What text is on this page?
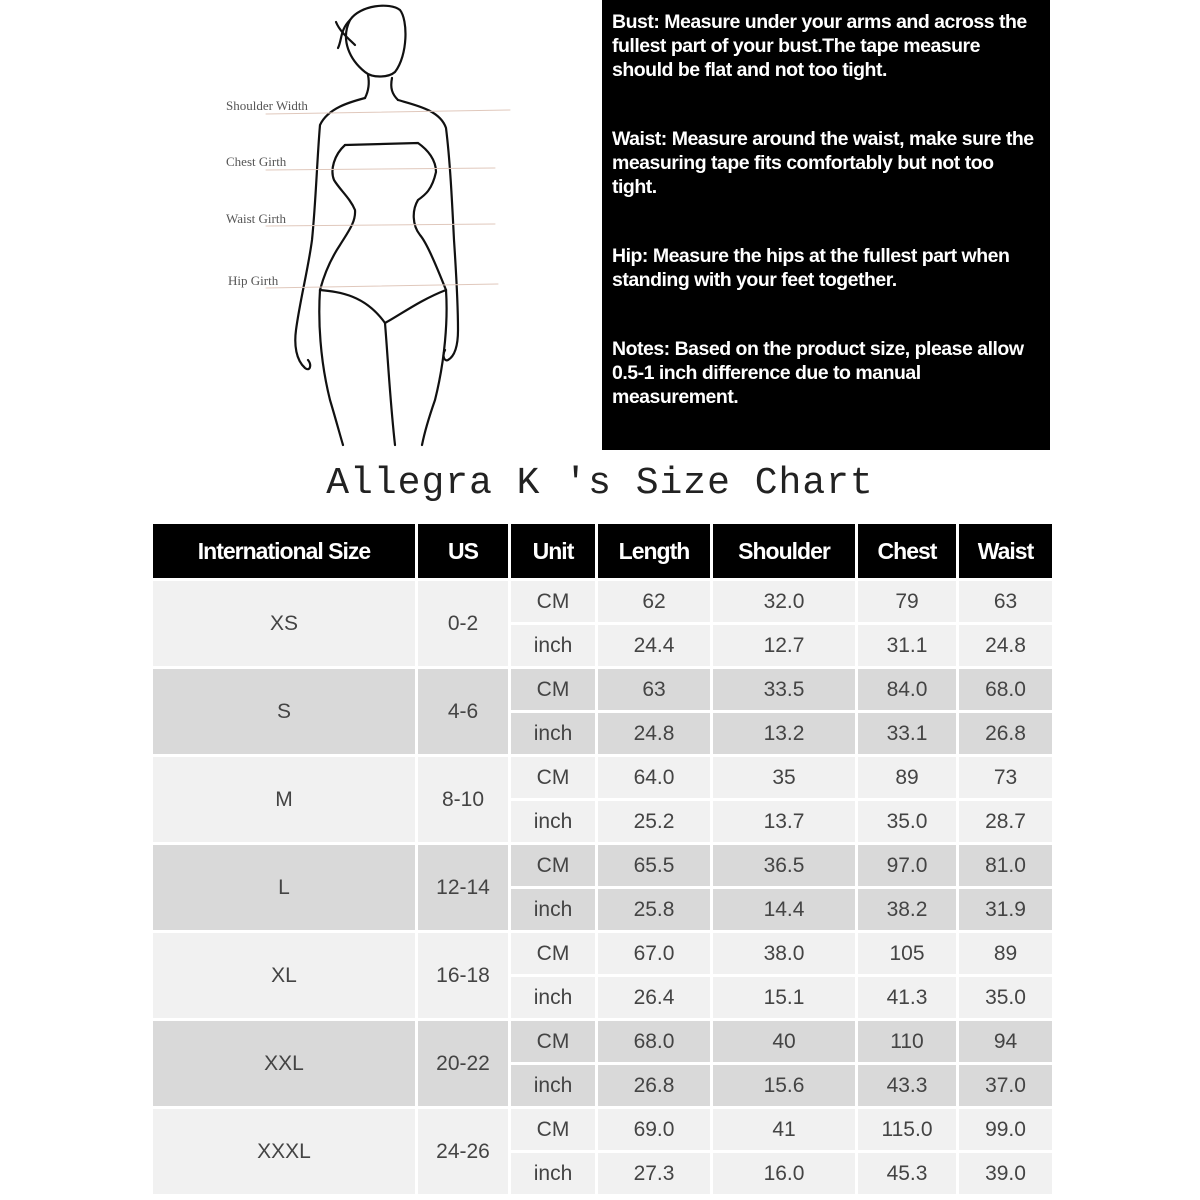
Shoulder Width
Chest Girth
Waist Girth
Hip Girth

Bust: Measure under your arms and across the fullest part of your bust.The tape measure should be flat and not too tight.

Waist: Measure around the waist, make sure the measuring tape fits comfortably but not too tight.

Hip: Measure the hips at the fullest part when standing with your feet together.

Notes: Based on the product size, please allow 0.5-1 inch difference due to manual measurement.

Allegra K 's Size Chart
International Size	US	Unit	Length	Shoulder	Chest	Waist
XS	0-2	CM	62	32.0	79	63
		inch	24.4	12.7	31.1	24.8
S	4-6	CM	63	33.5	84.0	68.0
		inch	24.8	13.2	33.1	26.8
M	8-10	CM	64.0	35	89	73
		inch	25.2	13.7	35.0	28.7
L	12-14	CM	65.5	36.5	97.0	81.0
		inch	25.8	14.4	38.2	31.9
XL	16-18	CM	67.0	38.0	105	89
		inch	26.4	15.1	41.3	35.0
XXL	20-22	CM	68.0	40	110	94
		inch	26.8	15.6	43.3	37.0
XXXL	24-26	CM	69.0	41	115.0	99.0
		inch	27.3	16.0	45.3	39.0
